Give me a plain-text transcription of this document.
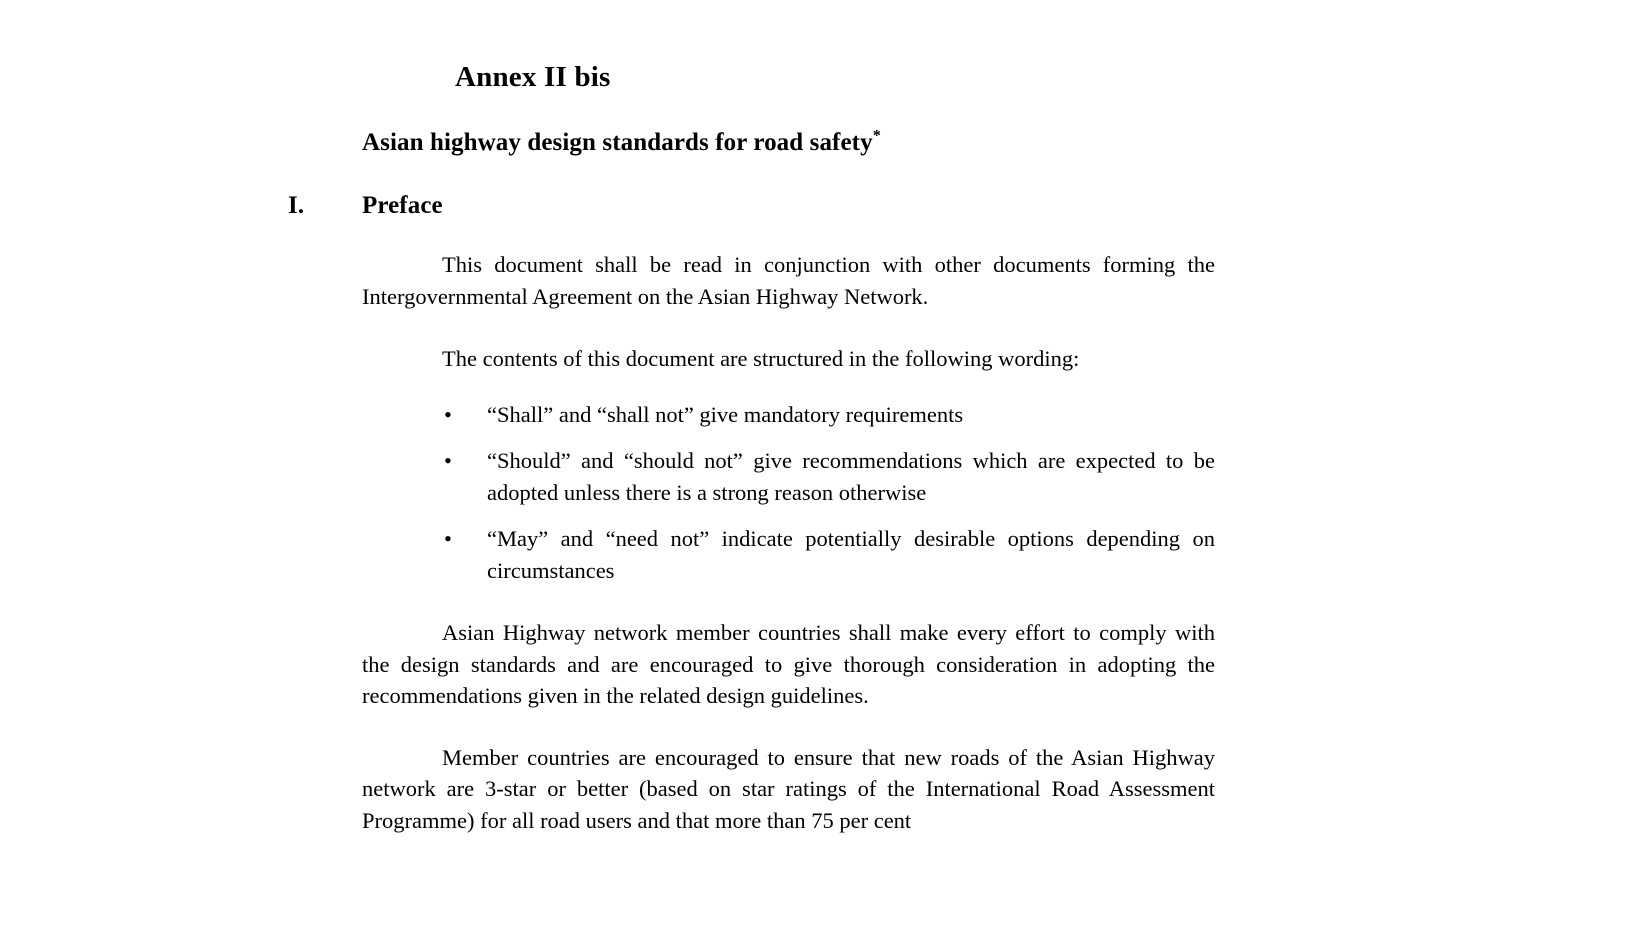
Annex II bis
Asian highway design standards for road safety*
I. Preface

This document shall be read in conjunction with other documents forming the Intergovernmental Agreement on the Asian Highway Network.

The contents of this document are structured in the following wording:

• “Shall” and “shall not” give mandatory requirements
• “Should” and “should not” give recommendations which are expected to be adopted unless there is a strong reason otherwise
• “May” and “need not” indicate potentially desirable options depending on circumstances

Asian Highway network member countries shall make every effort to comply with the design standards and are encouraged to give thorough consideration in adopting the recommendations given in the related design guidelines.

Member countries are encouraged to ensure that new roads of the Asian Highway network are 3-star or better (based on star ratings of the International Road Assessment Programme) for all road users and that more than 75 per cent
